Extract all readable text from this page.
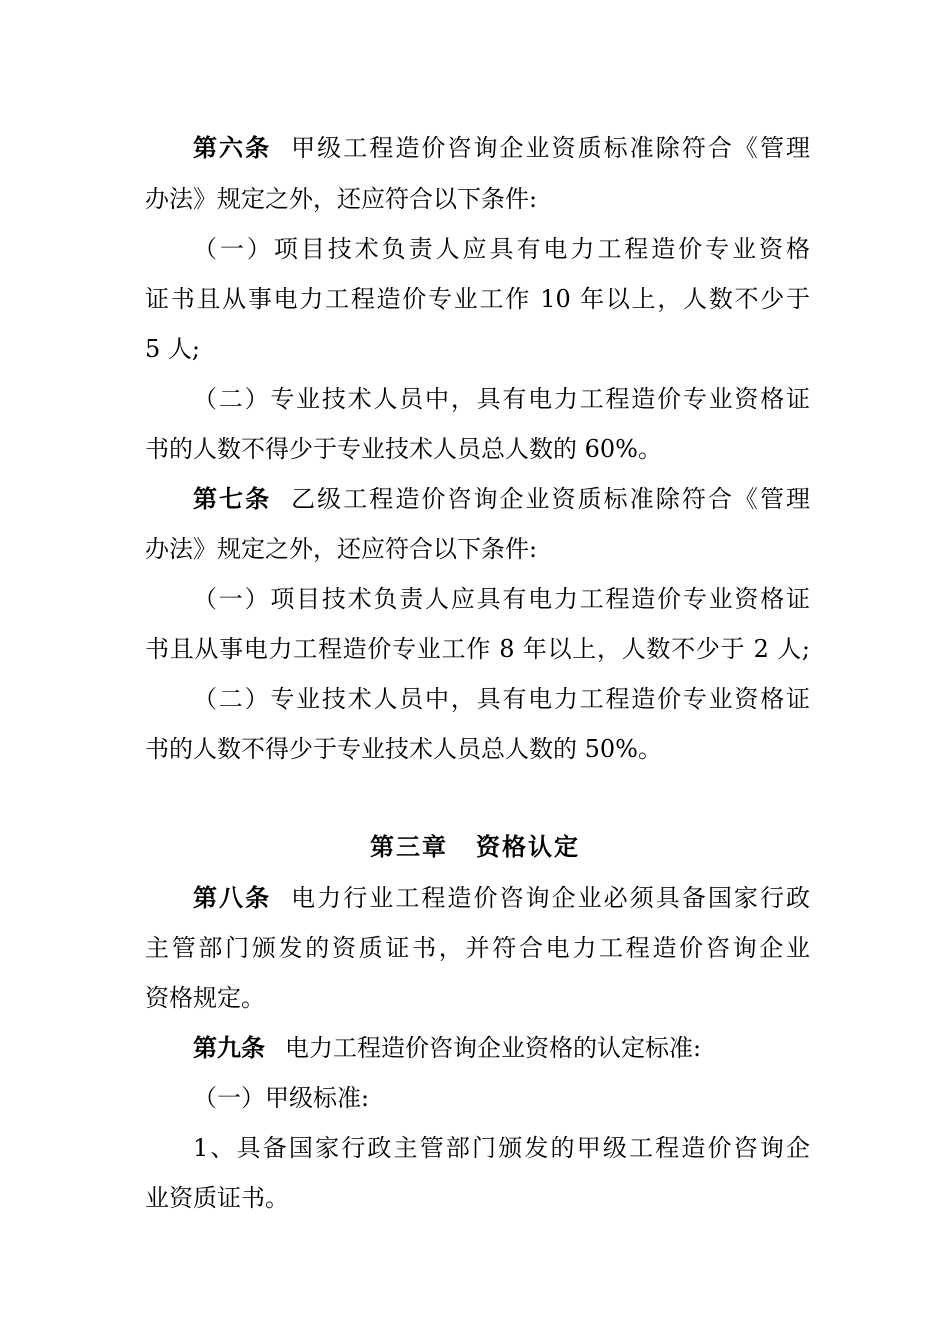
第六条 甲级工程造价咨询企业资质标准除符合《管理
办法》规定之外，还应符合以下条件:
（一）项目技术负责人应具有电力工程造价专业资格
证书且从事电力工程造价专业工作 10 年以上，人数不少于
5 人;
（二）专业技术人员中，具有电力工程造价专业资格证
书的人数不得少于专业技术人员总人数的 60%。
第七条 乙级工程造价咨询企业资质标准除符合《管理
办法》规定之外，还应符合以下条件:
（一）项目技术负责人应具有电力工程造价专业资格证
书且从事电力工程造价专业工作 8 年以上，人数不少于 2 人;
（二）专业技术人员中，具有电力工程造价专业资格证
书的人数不得少于专业技术人员总人数的 50%。
第三章 资格认定
第八条 电力行业工程造价咨询企业必须具备国家行政
主管部门颁发的资质证书，并符合电力工程造价咨询企业
资格规定。
第九条 电力工程造价咨询企业资格的认定标准:
（一）甲级标准:
1、具备国家行政主管部门颁发的甲级工程造价咨询企
业资质证书。
